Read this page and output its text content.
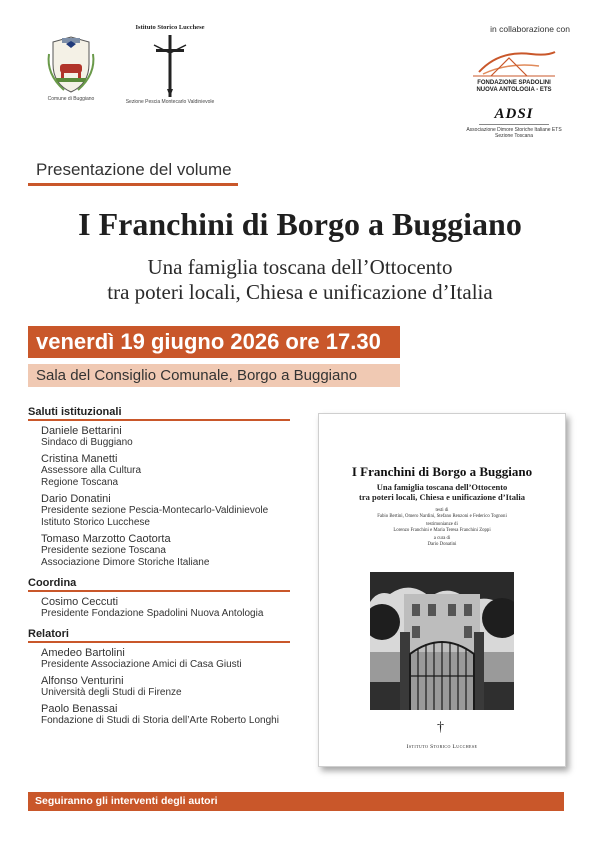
Comune di Buggiano
Istituto Storico Lucchese
Sezione Pescia Montecarlo Valdinievole
in collaborazione con
FONDAZIONE SPADOLINI
NUOVA ANTOLOGIA - ETS
ADSI
Associazione Dimore Storiche Italiane ETS
Sezione Toscana
Presentazione del volume
I Franchini di Borgo a Buggiano
Una famiglia toscana dell’Ottocento
tra poteri locali, Chiesa e unificazione d’Italia
venerdì 19 giugno 2026 ore 17.30
Sala del Consiglio Comunale, Borgo a Buggiano
Saluti istituzionali
Daniele Bettarini
Sindaco di Buggiano
Cristina Manetti
Assessore alla Cultura
Regione Toscana
Dario Donatini
Presidente sezione Pescia-Montecarlo-Valdinievole
Istituto Storico Lucchese
Tomaso Marzotto Caotorta
Presidente sezione Toscana
Associazione Dimore Storiche Italiane
Coordina
Cosimo Ceccuti
Presidente Fondazione Spadolini Nuova Antologia
Relatori
Amedeo Bartolini
Presidente Associazione Amici di Casa Giusti
Alfonso Venturini
Università degli Studi di Firenze
Paolo Benassai
Fondazione di Studi di Storia dell’Arte Roberto Longhi
I Franchini di Borgo a Buggiano
Una famiglia toscana dell’Ottocento
tra poteri locali, Chiesa e unificazione d’Italia
testi di
Fabio Bertini, Omero Nardini, Stefano Renzoni e Federico Tognoni
testimonianze di
Lorenzo Franchini e Maria Teresa Franchini Zoppi
a cura di
Dario Donatini
†
Istituto Storico Lucchese
Seguiranno gli interventi degli autori
